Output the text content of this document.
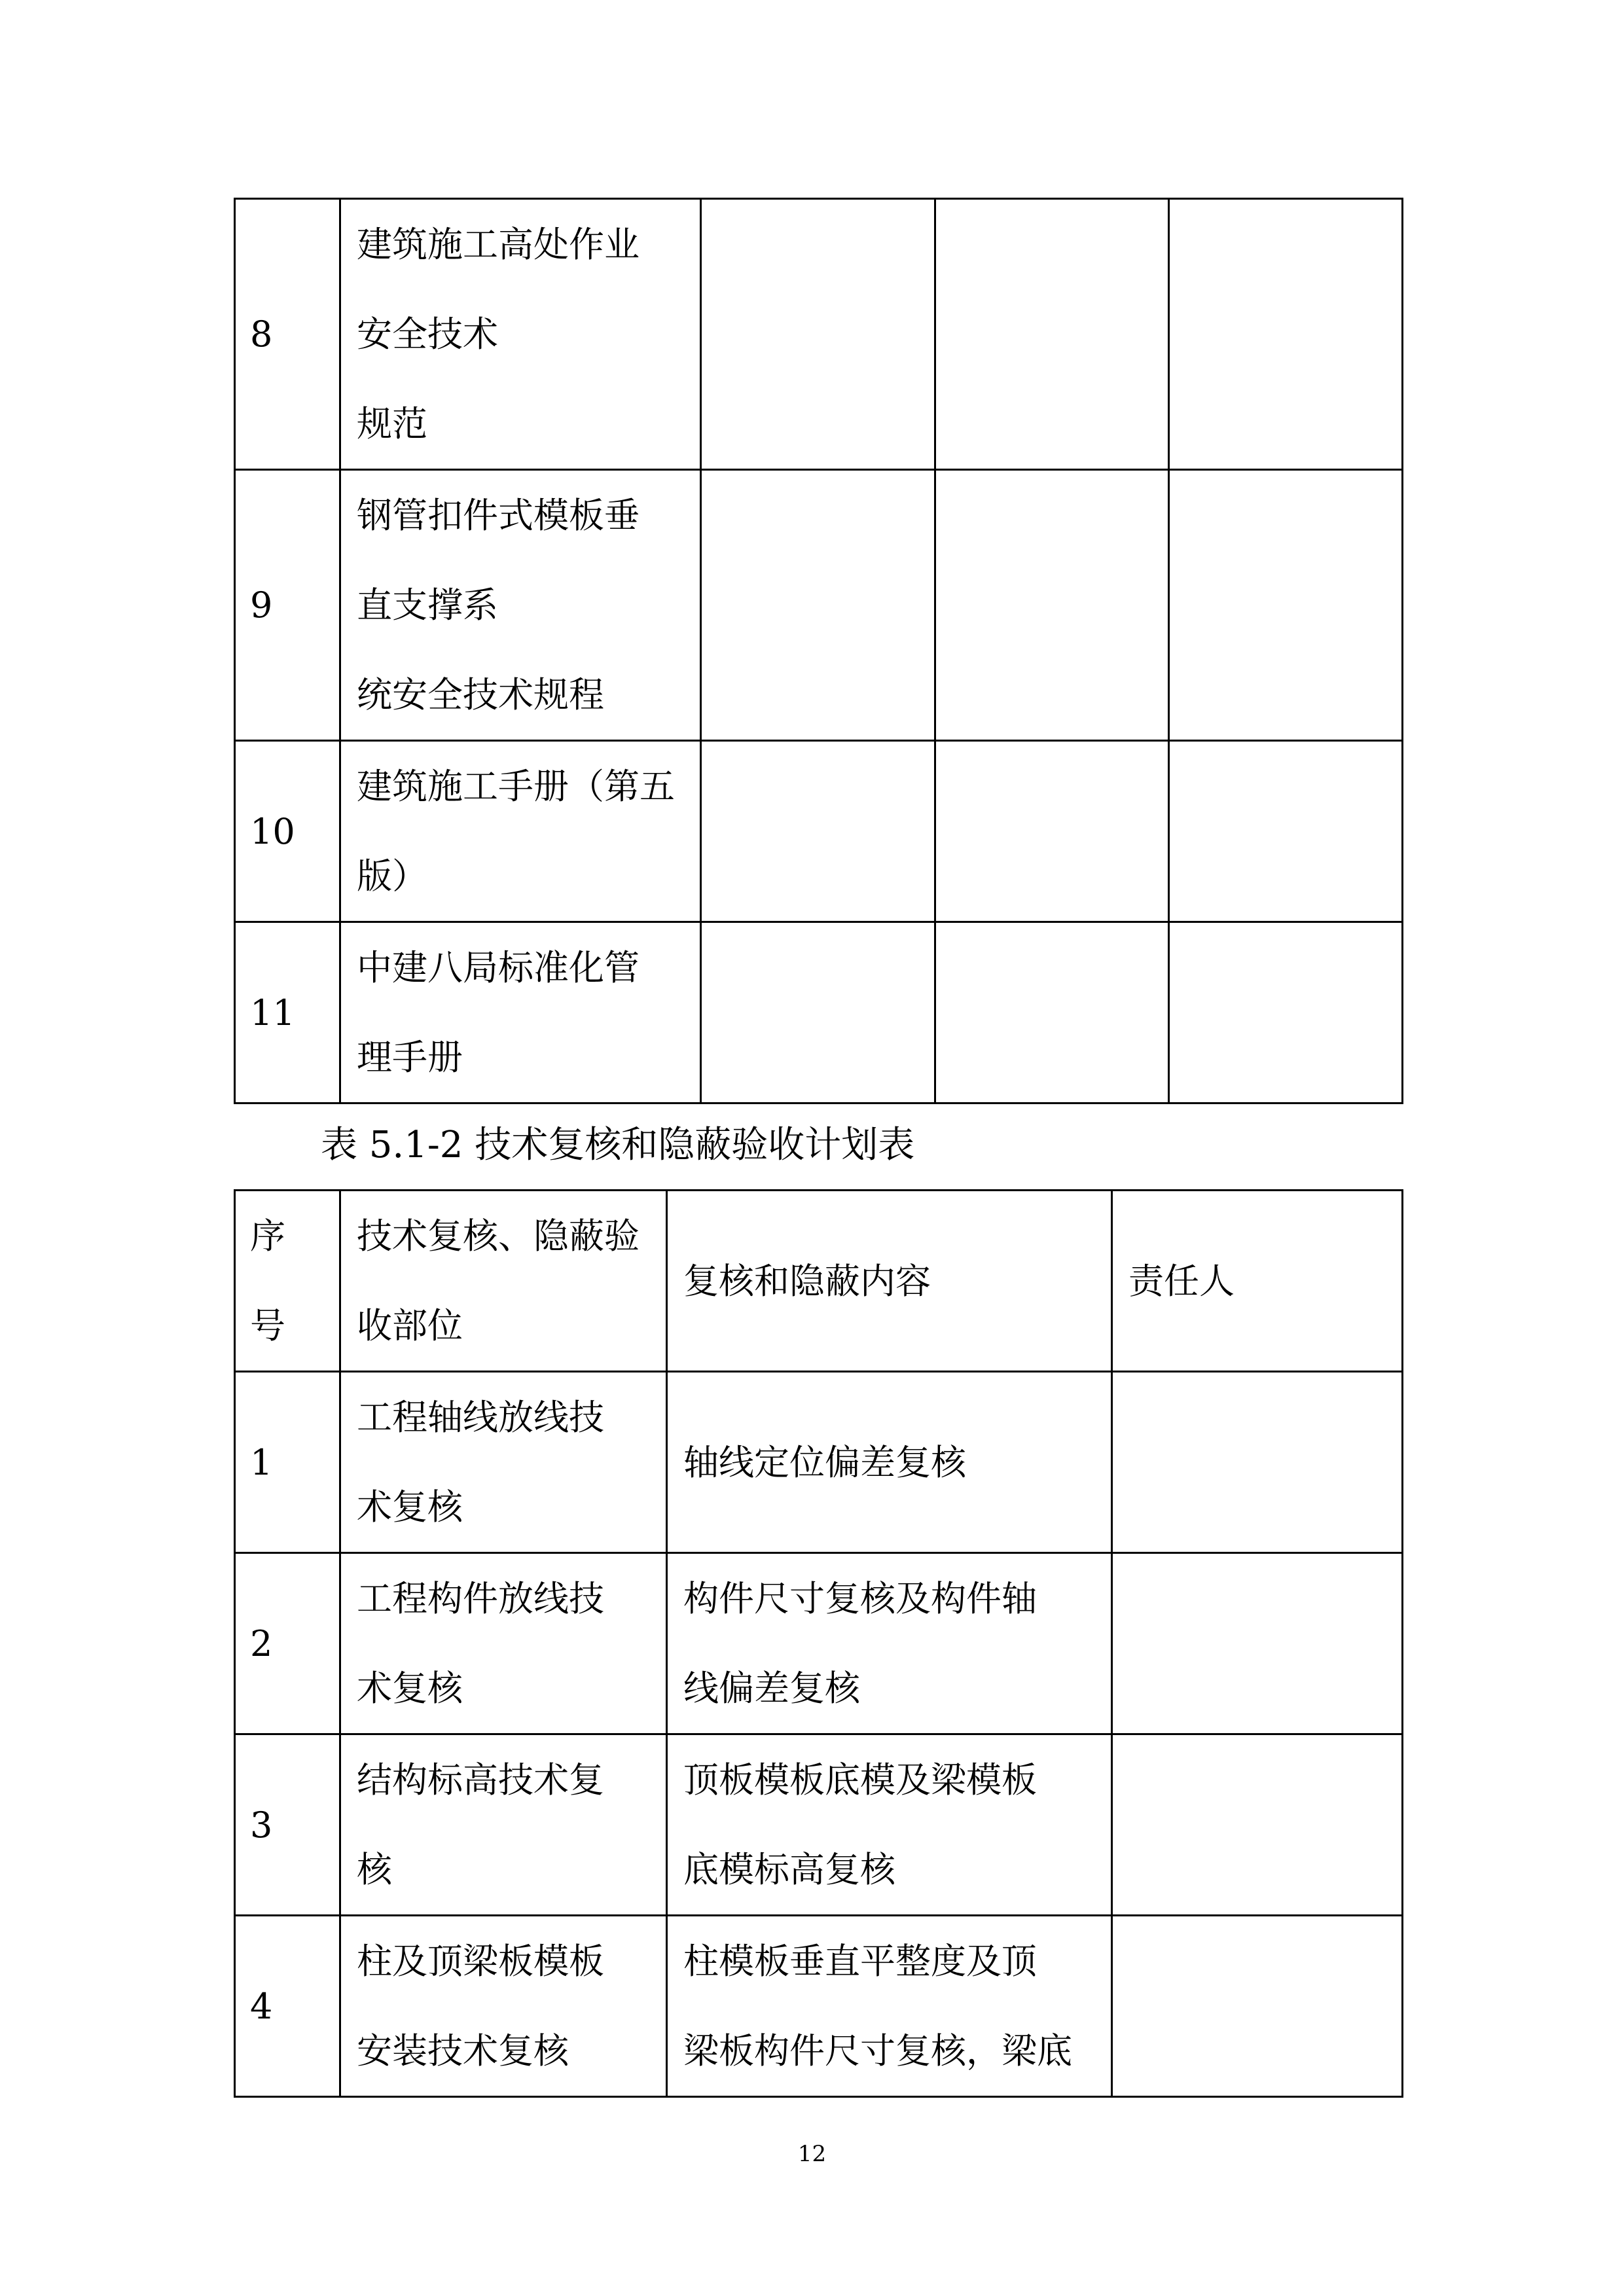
8	建筑施工高处作业
安全技术
规范			

9	钢管扣件式模板垂
直支撑系
统安全技术规程			

10	建筑施工手册（第五
版）			

11	中建八局标准化管
理手册			

表 5.1-2 技术复核和隐蔽验收计划表
序
号	技术复核、隐蔽验
收部位	复核和隐蔽内容	责任人
1	工程轴线放线技
术复核	轴线定位偏差复核	

2	工程构件放线技
术复核	构件尺寸复核及构件轴
线偏差复核	

3	结构标高技术复
核	顶板模板底模及梁模板
底模标高复核	

4	柱及顶梁板模板
安装技术复核	柱模板垂直平整度及顶
梁板构件尺寸复核，梁底	

12
